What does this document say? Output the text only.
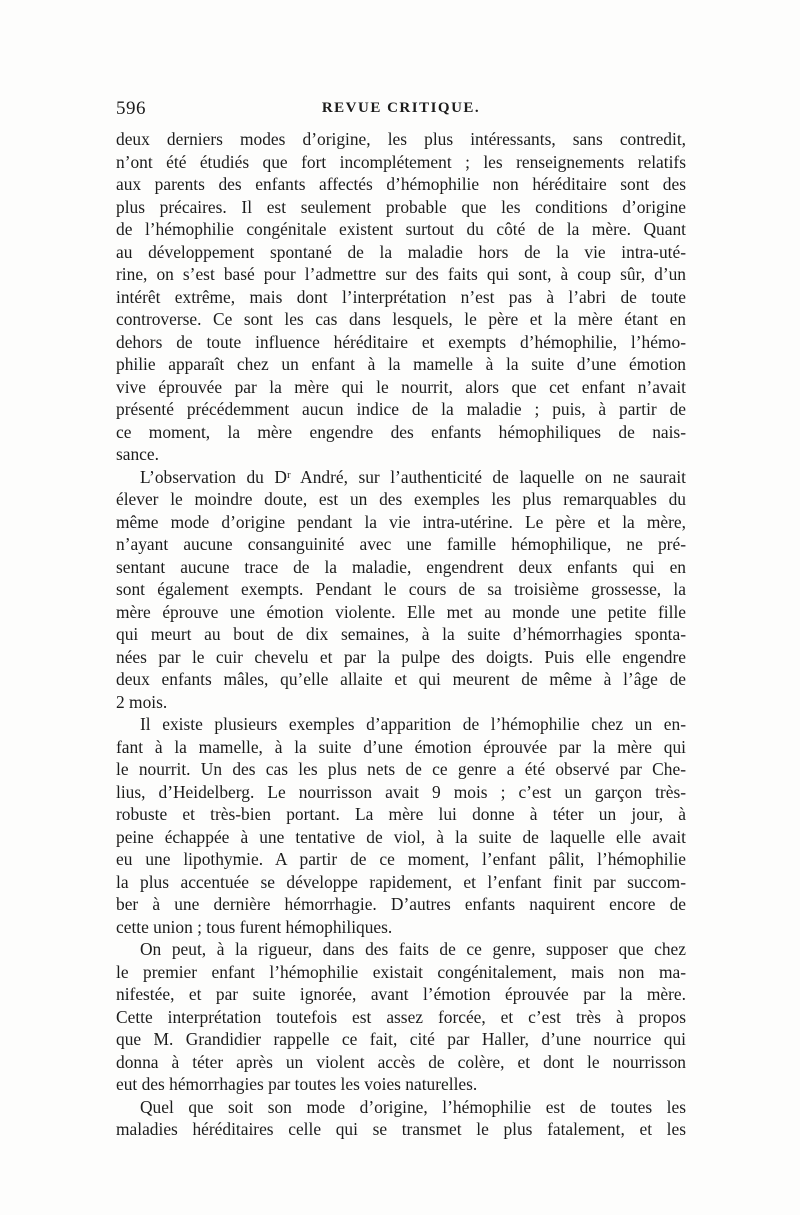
596	REVUE CRITIQUE.
deux derniers modes d’origine, les plus intéressants, sans contredit,
n’ont été étudiés que fort incomplétement ; les renseignements relatifs
aux parents des enfants affectés d’hémophilie non héréditaire sont des
plus précaires. Il est seulement probable que les conditions d’origine
de l’hémophilie congénitale existent surtout du côté de la mère. Quant
au développement spontané de la maladie hors de la vie intra-uté-
rine, on s’est basé pour l’admettre sur des faits qui sont, à coup sûr, d’un
intérêt extrême, mais dont l’interprétation n’est pas à l’abri de toute
controverse. Ce sont les cas dans lesquels, le père et la mère étant en
dehors de toute influence héréditaire et exempts d’hémophilie, l’hémo-
philie apparaît chez un enfant à la mamelle à la suite d’une émotion
vive éprouvée par la mère qui le nourrit, alors que cet enfant n’avait
présenté précédemment aucun indice de la maladie ; puis, à partir de
ce moment, la mère engendre des enfants hémophiliques de nais-
sance.
L’observation du Dʳ André, sur l’authenticité de laquelle on ne saurait
élever le moindre doute, est un des exemples les plus remarquables du
même mode d’origine pendant la vie intra-utérine. Le père et la mère,
n’ayant aucune consanguinité avec une famille hémophilique, ne pré-
sentant aucune trace de la maladie, engendrent deux enfants qui en
sont également exempts. Pendant le cours de sa troisième grossesse, la
mère éprouve une émotion violente. Elle met au monde une petite fille
qui meurt au bout de dix semaines, à la suite d’hémorrhagies sponta-
nées par le cuir chevelu et par la pulpe des doigts. Puis elle engendre
deux enfants mâles, qu’elle allaite et qui meurent de même à l’âge de
2 mois.
Il existe plusieurs exemples d’apparition de l’hémophilie chez un en-
fant à la mamelle, à la suite d’une émotion éprouvée par la mère qui
le nourrit. Un des cas les plus nets de ce genre a été observé par Che-
lius, d’Heidelberg. Le nourrisson avait 9 mois ; c’est un garçon très-
robuste et très-bien portant. La mère lui donne à téter un jour, à
peine échappée à une tentative de viol, à la suite de laquelle elle avait
eu une lipothymie. A partir de ce moment, l’enfant pâlit, l’hémophilie
la plus accentuée se développe rapidement, et l’enfant finit par succom-
ber à une dernière hémorrhagie. D’autres enfants naquirent encore de
cette union ; tous furent hémophiliques.
On peut, à la rigueur, dans des faits de ce genre, supposer que chez
le premier enfant l’hémophilie existait congénitalement, mais non ma-
nifestée, et par suite ignorée, avant l’émotion éprouvée par la mère.
Cette interprétation toutefois est assez forcée, et c’est très à propos
que M. Grandidier rappelle ce fait, cité par Haller, d’une nourrice qui
donna à téter après un violent accès de colère, et dont le nourrisson
eut des hémorrhagies par toutes les voies naturelles.
Quel que soit son mode d’origine, l’hémophilie est de toutes les
maladies héréditaires celle qui se transmet le plus fatalement, et les
